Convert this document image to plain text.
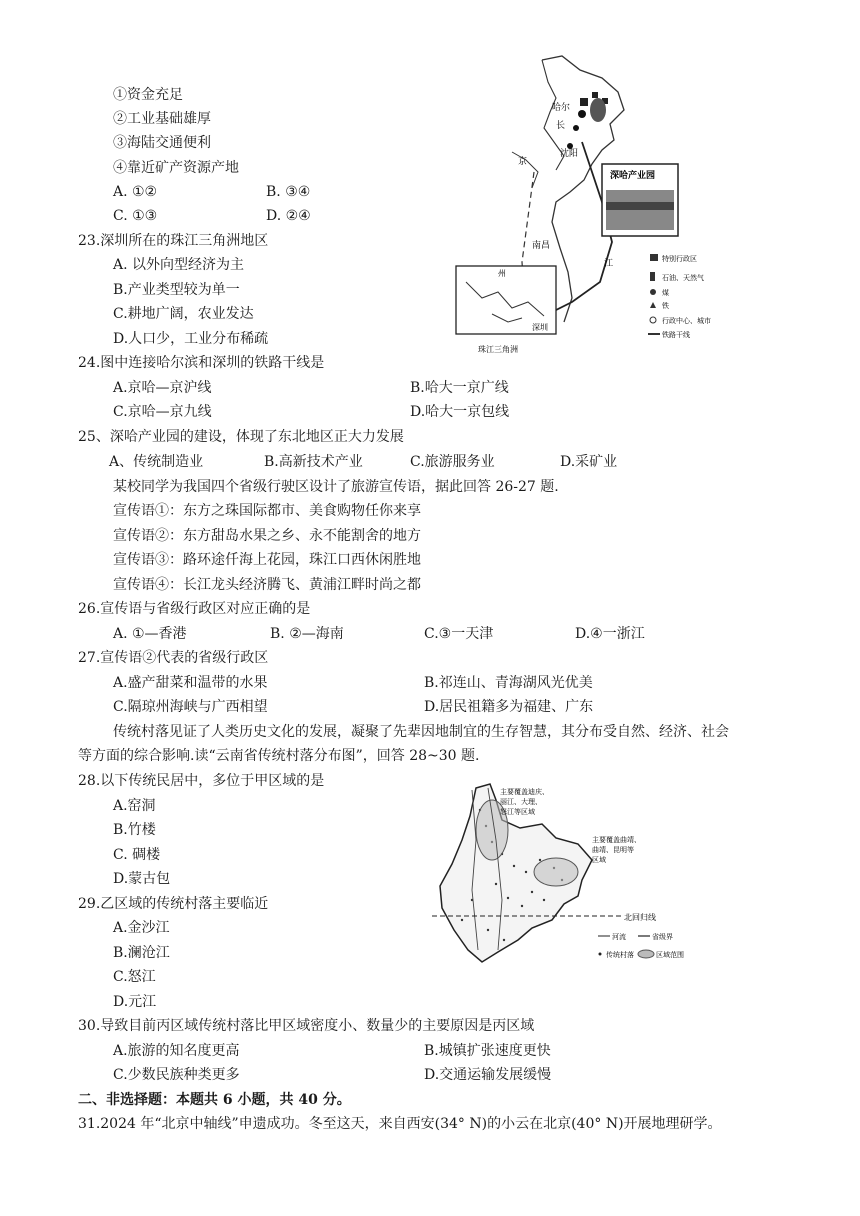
①资金充足
②工业基础雄厚
③海陆交通便利
④靠近矿产资源产地
A. ①②	B. ③④
C. ①③	D. ②④
23.深圳所在的珠江三角洲地区
A. 以外向型经济为主
B.产业类型较为单一
C.耕地广阔，农业发达
D.人口少，工业分布稀疏
24.图中连接哈尔滨和深圳的铁路干线是
A.京哈—京沪线	B.哈大一京广线
C.京哈—京九线	D.哈大一京包线
25、深哈产业园的建设，体现了东北地区正大力发展
A、传统制造业	B.高新技术产业	C.旅游服务业	D.采矿业
某校同学为我国四个省级行驶区设计了旅游宣传语，据此回答 26-27 题.
宣传语①：东方之珠国际都市、美食购物任你来享
宣传语②：东方甜岛水果之乡、永不能割舍的地方
宣传语③：路环途仟海上花园，珠江口西休闲胜地
宣传语④：长江龙头经济腾飞、黄浦江畔时尚之都
26.宣传语与省级行政区对应正确的是
A. ①—香港	B. ②—海南	C.③一天津	D.④一浙江
27.宣传语②代表的省级行政区
A.盛产甜菜和温带的水果	B.祁连山、青海湖风光优美
C.隔琼州海峡与广西相望	D.居民祖籍多为福建、广东
传统村落见证了人类历史文化的发展，凝聚了先辈因地制宜的生存智慧，其分布受自然、经济、社会
等方面的综合影响.读“云南省传统村落分布图”，回答 28~30 题.
28.以下传统民居中，多位于甲区域的是
A.窑洞
B.竹楼
C. 碉楼
D.蒙古包
29.乙区域的传统村落主要临近
A.金沙江
B.澜沧江
C.怒江
D.元江
30.导致目前丙区域传统村落比甲区域密度小、数量少的主要原因是丙区域
A.旅游的知名度更高	B.城镇扩张速度更快
C.少数民族种类更多	D.交通运输发展缓慢
二、非选择题：本题共 6 小题，共 40 分。
31.2024 年“北京中轴线”申遗成功。冬至这天，来自西安(34° N)的小云在北京(40° N)开展地理研学。
哈尔
长
沈阳
京
江
南昌
深哈产业园
州
深圳
珠江三角洲
特别行政区
石油、天然气
煤
铁
行政中心、城市
铁路干线
北回归线
主要覆盖迪庆、
丽江、大理、
怒江等区域
主要覆盖曲靖、
曲靖、昆明等
区域
河流	省级界
传统村落	区域范围
